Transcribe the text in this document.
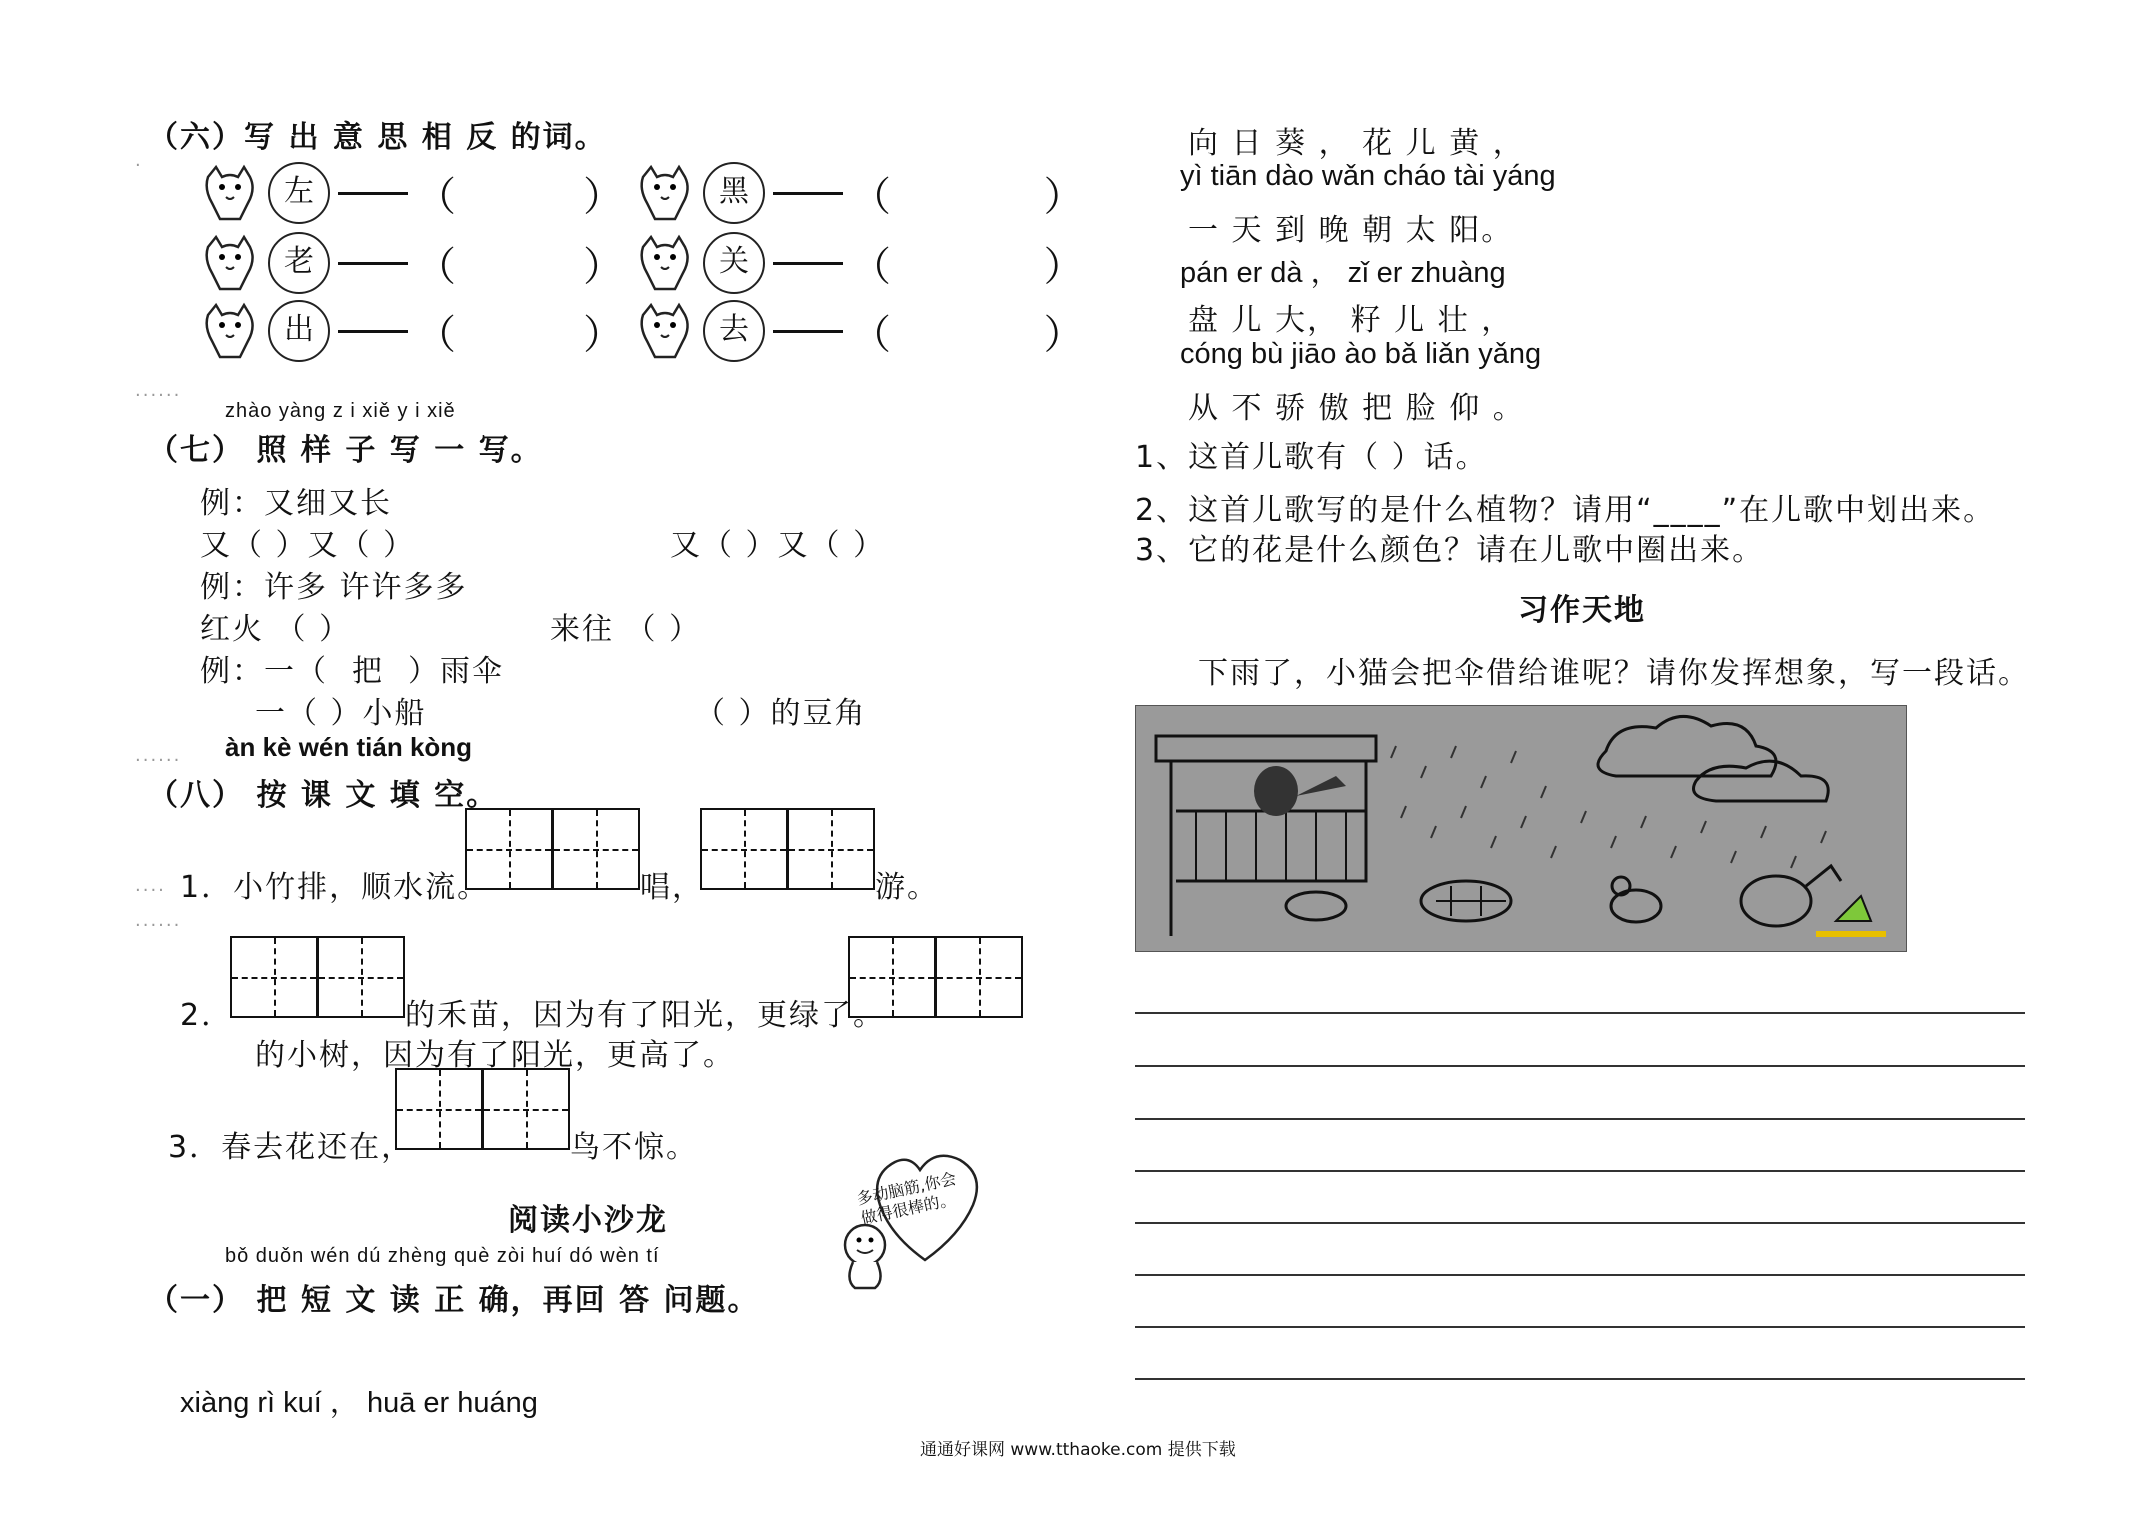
（六）写 出 意 思 相 反 的词。
.
左	（          ）	黑	（            ）
老	（          ）	关	（            ）
出	（          ）	去	（            ）
......
zhào yàng z i xiě y i xiě
（七） 照 样 子 写 一 写。
例：又细又长
又（ ）又（ ）	又（ ）又（ ）
例：许多 许许多多
红火 （ ）	来往 （ ）
例：一（ 把 ）雨伞
一（ ）小船	（ ）的豆角
...... àn kè wén tián kòng
（八） 按 课 文 填 空。
.... 1．小竹排，顺水流。	唱，	游。
......
2．	的禾苗，因为有了阳光，更绿了。
的小树，因为有了阳光，更高了。
3．春去花还在，	鸟不惊。
阅读小沙龙
多动脑筋,你会做得很棒的。
bǒ duǒn wén dú zhèng què zòi huí dó wèn tí
（一） 把 短 文 读 正 确，再回 答 问题。
xiàng rì kuí ， huā er huáng
向 日 葵 ， 花 儿 黄 ，
yì tiān dào wǎn cháo tài yáng
一 天 到 晚 朝 太 阳。
pán er dà ， zǐ er zhuàng
盘 儿 大， 籽 儿 壮 ，
cóng bù jiāo ào bǎ liǎn yǎng
从 不 骄 傲 把 脸 仰 。
1、这首儿歌有（ ）话。
2、这首儿歌写的是什么植物？请用“____”在儿歌中划出来。
3、它的花是什么颜色？请在儿歌中圈出来。
习作天地
下雨了，小猫会把伞借给谁呢？请你发挥想象，写一段话。
通通好课网 www.tthaoke.com 提供下载
